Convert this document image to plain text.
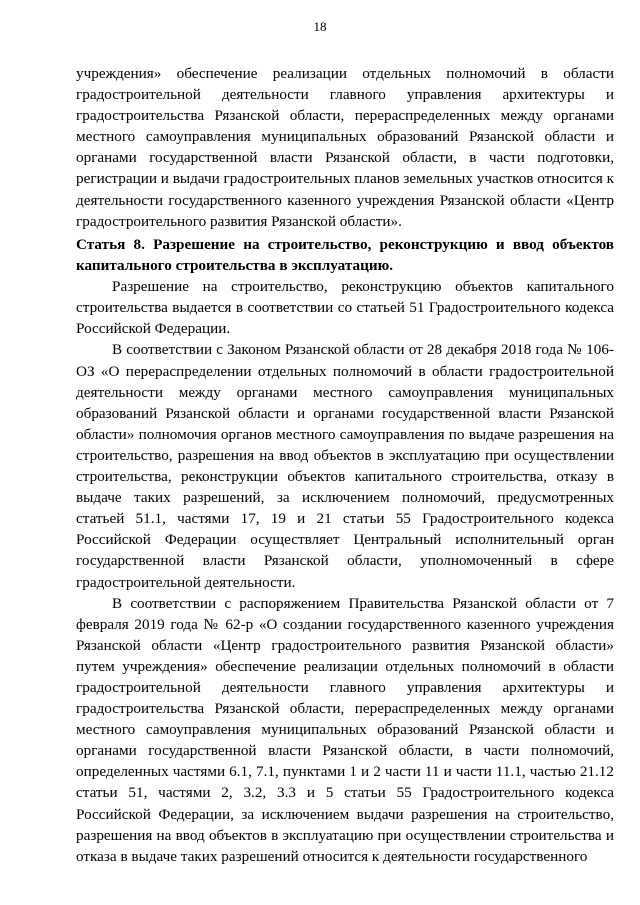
18

учреждения» обеспечение реализации отдельных полномочий в области градостроительной деятельности главного управления архитектуры и градостроительства Рязанской области, перераспределенных между органами местного самоуправления муниципальных образований Рязанской области и органами государственной власти Рязанской области, в части подготовки, регистрации и выдачи градостроительных планов земельных участков относится к деятельности государственного казенного учреждения Рязанской области «Центр градостроительного развития Рязанской области».

Статья 8. Разрешение на строительство, реконструкцию и ввод объектов капитального строительства в эксплуатацию.

Разрешение на строительство, реконструкцию объектов капитального строительства выдается в соответствии со статьей 51 Градостроительного кодекса Российской Федерации.

В соответствии с Законом Рязанской области от 28 декабря 2018 года № 106-ОЗ «О перераспределении отдельных полномочий в области градостроительной деятельности между органами местного самоуправления муниципальных образований Рязанской области и органами государственной власти Рязанской области» полномочия органов местного самоуправления по выдаче разрешения на строительство, разрешения на ввод объектов в эксплуатацию при осуществлении строительства, реконструкции объектов капитального строительства, отказу в выдаче таких разрешений, за исключением полномочий, предусмотренных статьей 51.1, частями 17, 19 и 21 статьи 55 Градостроительного кодекса Российской Федерации осуществляет Центральный исполнительный орган государственной власти Рязанской области, уполномоченный в сфере градостроительной деятельности.

В соответствии с распоряжением Правительства Рязанской области от 7 февраля 2019 года № 62-р «О создании государственного казенного учреждения Рязанской области «Центр градостроительного развития Рязанской области» путем учреждения» обеспечение реализации отдельных полномочий в области градостроительной деятельности главного управления архитектуры и градостроительства Рязанской области, перераспределенных между органами местного самоуправления муниципальных образований Рязанской области и органами государственной власти Рязанской области, в части полномочий, определенных частями 6.1, 7.1, пунктами 1 и 2 части 11 и части 11.1, частью 21.12 статьи 51, частями 2, 3.2, 3.3 и 5 статьи 55 Градостроительного кодекса Российской Федерации, за исключением выдачи разрешения на строительство, разрешения на ввод объектов в эксплуатацию при осуществлении строительства и отказа в выдаче таких разрешений относится к деятельности государственного
